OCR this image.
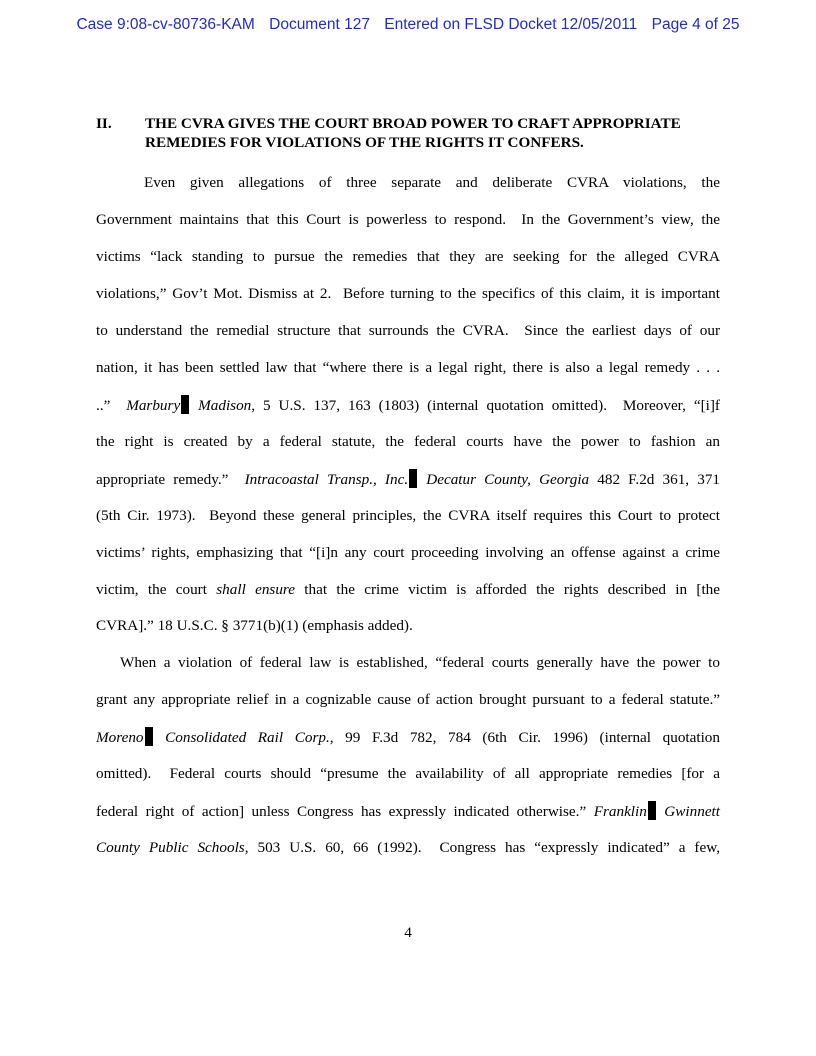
Case 9:08-cv-80736-KAM Document 127 Entered on FLSD Docket 12/05/2011 Page 4 of 25
II. THE CVRA GIVES THE COURT BROAD POWER TO CRAFT APPROPRIATE REMEDIES FOR VIOLATIONS OF THE RIGHTS IT CONFERS.
Even given allegations of three separate and deliberate CVRA violations, the
Government maintains that this Court is powerless to respond.  In the Government’s view, the
victims “lack standing to pursue the remedies that they are seeking for the alleged CVRA
violations,” Gov’t Mot. Dismiss at 2.  Before turning to the specifics of this claim, it is important
to understand the remedial structure that surrounds the CVRA.  Since the earliest days of our
nation, it has been settled law that “where there is a legal right, there is also a legal remedy . . .
..”  Marbury Madison, 5 U.S. 137, 163 (1803) (internal quotation omitted).  Moreover, “[i]f
the right is created by a federal statute, the federal courts have the power to fashion an
appropriate remedy.”  Intracoastal Transp., Inc. Decatur County, Georgia 482 F.2d 361, 371
(5th Cir. 1973).  Beyond these general principles, the CVRA itself requires this Court to protect
victims’ rights, emphasizing that “[i]n any court proceeding involving an offense against a crime
victim, the court shall ensure that the crime victim is afforded the rights described in [the
CVRA].” 18 U.S.C. § 3771(b)(1) (emphasis added).
When a violation of federal law is established, “federal courts generally have the power to
grant any appropriate relief in a cognizable cause of action brought pursuant to a federal statute.”
Moreno Consolidated Rail Corp., 99 F.3d 782, 784 (6th Cir. 1996) (internal quotation
omitted).  Federal courts should “presume the availability of all appropriate remedies [for a
federal right of action] unless Congress has expressly indicated otherwise.” Franklin Gwinnett
County Public Schools, 503 U.S. 60, 66 (1992).  Congress has “expressly indicated” a few,
4
